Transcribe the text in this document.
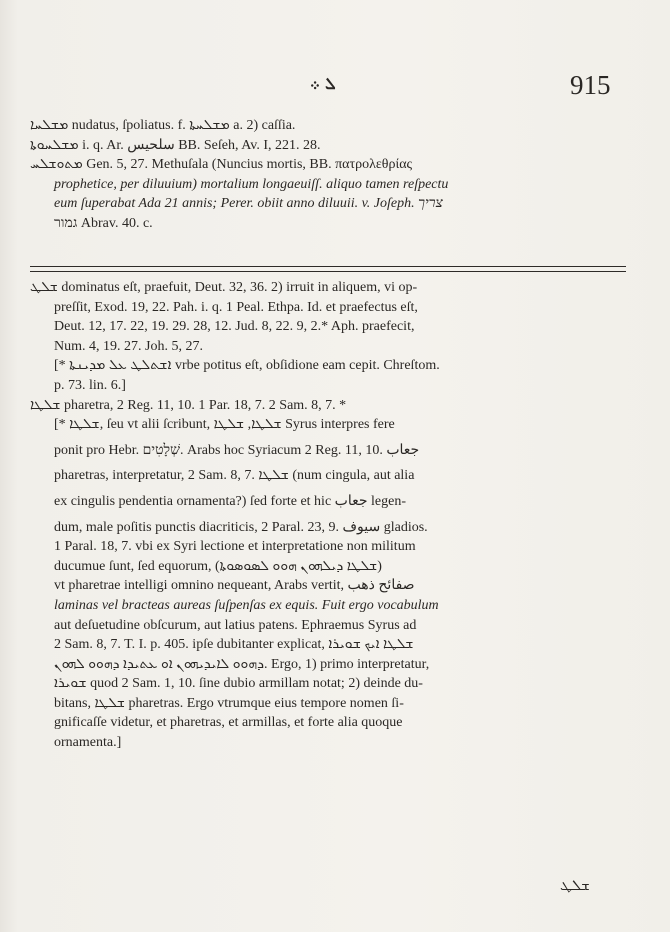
ܠ ܀	915

ܡܫܠܚܐ nudatus, ſpoliatus. f. ܡܫܠܚܬܐ a. 2) caſſia.

ܡܫܠܚܘܬܐ i. q. Ar. سلحيس BB. Seſeh, Av. I, 221. 28.

ܡܬܘܫܠܚ Gen. 5, 27. Methuſala (Nuncius mortis, BB. πατρολεθρίας

prophetice, per diluuium) mortalium longaeuiſſ. aliquo tamen reſpectu

eum ſuperabat Ada 21 annis; Perer. obiit anno diluuii. v. Joſeph. צריך

גמור Abrav. 40. c.

ܫܠܛ dominatus eſt, praefuit, Deut. 32, 36. 2) irruit in aliquem, vi op-

preſſit, Exod. 19, 22. Pah. i. q. 1 Peal. Ethpa. Id. et praefectus eſt,

Deut. 12, 17. 22, 19. 29. 28, 12. Jud. 8, 22. 9, 2.* Aph. praefecit,

Num. 4, 19. 27. Joh. 5, 27.

[* ܐܫܬܠܛ ܥܠ ܡܕܝܢܬܐ vrbe potitus eſt, obſidione eam cepit. Chreſtom.

p. 73. lin. 6.]

ܫܠܛܐ pharetra, 2 Reg. 11, 10. 1 Par. 18, 7. 2 Sam. 8, 7. *

[* ܫܠܛܐ, ſeu vt alii ſcribunt, ܫܠܛܐ, ܫܠܛܐ Syrus interpres fere

ponit pro Hebr. שְׁלָטִים. Arabs hoc Syriacum 2 Reg. 11, 10. جعاب

pharetras, interpretatur, 2 Sam. 8, 7. ܫܠܛܐ (num cingula, aut alia

ex cingulis pendentia ornamenta?) ſed forte et hic جعاب legen-

dum, male poſitis punctis diacriticis, 2 Paral. 23, 9. سيوف gladios.

1 Paral. 18, 7. vbi ex Syri lectione et interpretatione non militum

ducumue ſunt, ſed equorum, (ܫܠܛܐ ܕܝܠܗܘܢ ܗܘܘ ܠܣܘܣܘܬܐ)

vt pharetrae intelligi omnino nequeant, Arabs vertit, صفائح ذهب

laminas vel bracteas aureas ſuſpenſas ex equis. Fuit ergo vocabulum

aut deſuetudine obſcurum, aut latius patens. Ephraemus Syrus ad

2 Sam. 8, 7. T. I. p. 405. ipſe dubitanter explicat, ܫܠܛܐ ܐܝܟ ܫܘܝܪܐ

ܕܗܘܘ ܠܐܝܕܝܗܘܢ ܐܘ ܥܬܝܕܐ ܕܗܘܘ ܠܗܘܢ. Ergo, 1) primo interpretatur,

ܫܘܝܪܐ quod 2 Sam. 1, 10. ſine dubio armillam notat; 2) deinde du-

bitans, ܫܠܛܐ pharetras. Ergo vtrumque eius tempore nomen ſi-

gnificaſſe videtur, et pharetras, et armillas, et forte alia quoque

ornamenta.]

ܫܠܛ
